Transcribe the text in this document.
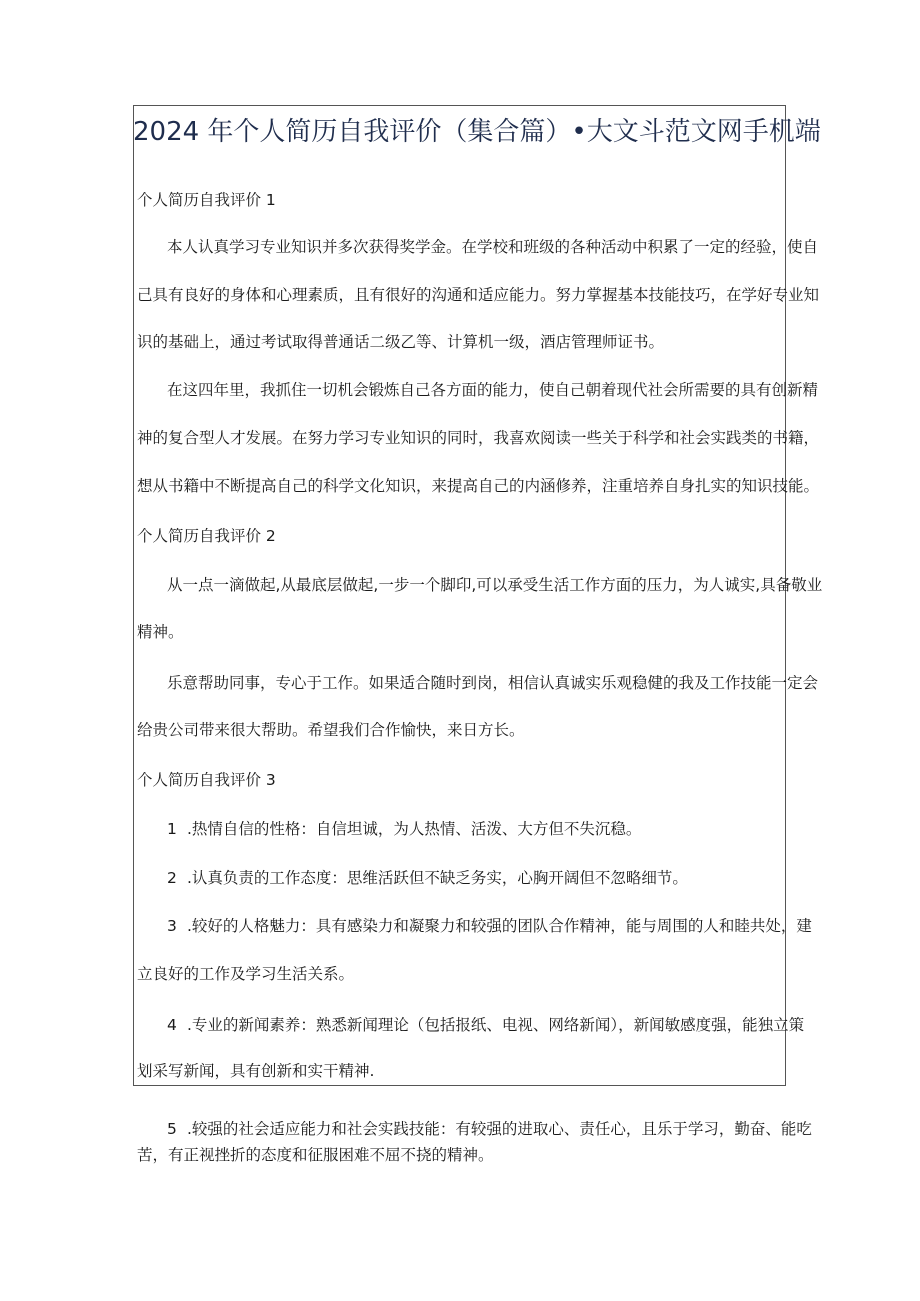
2024 年个人简历自我评价（集合篇）•大文斗范文网手机端

个人简历自我评价 1

本人认真学习专业知识并多次获得奖学金。在学校和班级的各种活动中积累了一定的经验，使自

己具有良好的身体和心理素质，且有很好的沟通和适应能力。努力掌握基本技能技巧，在学好专业知

识的基础上，通过考试取得普通话二级乙等、计算机一级，酒店管理师证书。

在这四年里，我抓住一切机会锻炼自己各方面的能力，使自己朝着现代社会所需要的具有创新精

神的复合型人才发展。在努力学习专业知识的同时，我喜欢阅读一些关于科学和社会实践类的书籍，

想从书籍中不断提高自己的科学文化知识，来提高自己的内涵修养，注重培养自身扎实的知识技能。

个人简历自我评价 2

从一点一滴做起,从最底层做起,一步一个脚印,可以承受生活工作方面的压力，为人诚实,具备敬业

精神。

乐意帮助同事，专心于工作。如果适合随时到岗，相信认真诚实乐观稳健的我及工作技能一定会

给贵公司带来很大帮助。希望我们合作愉快，来日方长。

个人简历自我评价 3

1 .热情自信的性格：自信坦诚，为人热情、活泼、大方但不失沉稳。

2 .认真负责的工作态度：思维活跃但不缺乏务实，心胸开阔但不忽略细节。

3 .较好的人格魅力：具有感染力和凝聚力和较强的团队合作精神，能与周围的人和睦共处，建

立良好的工作及学习生活关系。

4 .专业的新闻素养：熟悉新闻理论（包括报纸、电视、网络新闻），新闻敏感度强，能独立策

划采写新闻，具有创新和实干精神.

5 .较强的社会适应能力和社会实践技能：有较强的进取心、责任心，且乐于学习，勤奋、能吃

苦，有正视挫折的态度和征服困难不屈不挠的精神。
